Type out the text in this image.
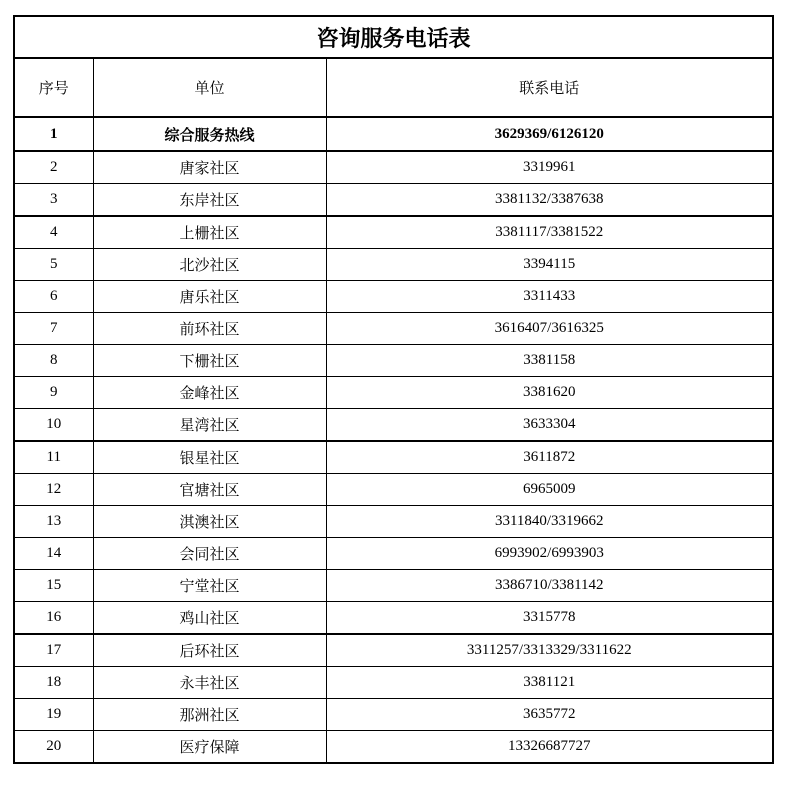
咨询服务电话表		
序号	单位	联系电话
1	综合服务热线	3629369/6126120
2	唐家社区	3319961
3	东岸社区	3381132/3387638
4	上栅社区	3381117/3381522
5	北沙社区	3394115
6	唐乐社区	3311433
7	前环社区	3616407/3616325
8	下栅社区	3381158
9	金峰社区	3381620
10	星湾社区	3633304
11	银星社区	3611872
12	官塘社区	6965009
13	淇澳社区	3311840/3319662
14	会同社区	6993902/6993903
15	宁堂社区	3386710/3381142
16	鸡山社区	3315778
17	后环社区	3311257/3313329/3311622
18	永丰社区	3381121
19	那洲社区	3635772
20	医疗保障	13326687727
